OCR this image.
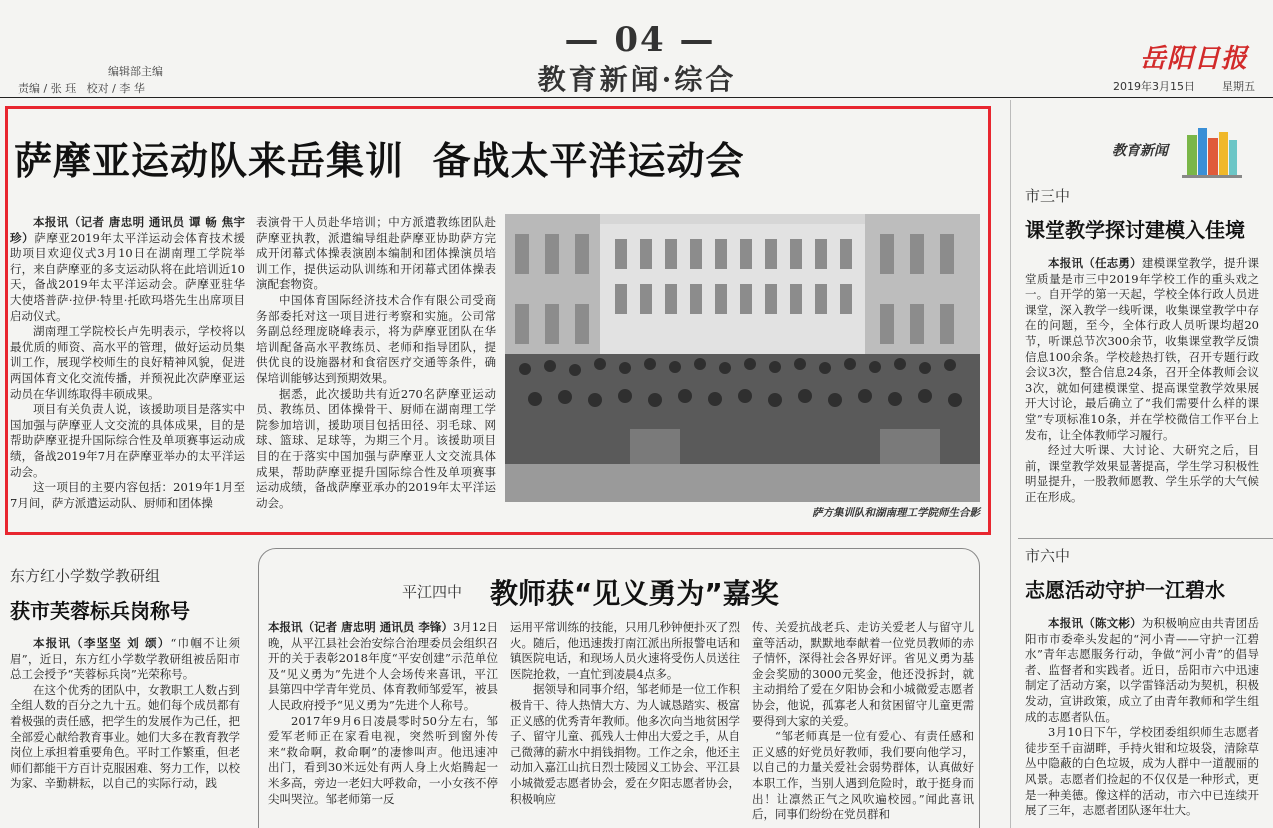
编辑部主编
责编 / 张 珏   校对 / 李 华
— 04 —
教育新闻·综合
岳阳日报
2019年3月15日 星期五
萨摩亚运动队来岳集训  备战太平洋运动会

本报讯（记者 唐忠明 通讯员 谭 畅 焦宇珍）萨摩亚2019年太平洋运动会体育技术援助项目欢迎仪式3月10日在湖南理工学院举行，来自萨摩亚的多支运动队将在此培训近10天，备战2019年太平洋运动会。萨摩亚驻华大使塔普萨·拉伊·特里·托欧玛塔先生出席项目启动仪式。

湖南理工学院校长卢先明表示，学校将以最优质的师资、高水平的管理，做好运动员集训工作，展现学校师生的良好精神风貌，促进两国体育文化交流传播，并预祝此次萨摩亚运动员在华训练取得丰硕成果。

项目有关负责人说，该援助项目是落实中国加强与萨摩亚人文交流的具体成果，目的是帮助萨摩亚提升国际综合性及单项赛事运动成绩，备战2019年7月在萨摩亚举办的太平洋运动会。

这一项目的主要内容包括：2019年1月至7月间，萨方派遣运动队、厨师和团体操

表演骨干人员赴华培训；中方派遣教练团队赴萨摩亚执教，派遣编导组赴萨摩亚协助萨方完成开闭幕式体操表演剧本编制和团体操演员培训工作，提供运动队训练和开闭幕式团体操表演配套物资。

中国体育国际经济技术合作有限公司受商务部委托对这一项目进行考察和实施。公司常务副总经理庞晓峰表示，将为萨摩亚团队在华培训配备高水平教练员、老师和指导团队，提供优良的设施器材和食宿医疗交通等条件，确保培训能够达到预期效果。

据悉，此次援助共有近270名萨摩亚运动员、教练员、团体操骨干、厨师在湖南理工学院参加培训，援助项目包括田径、羽毛球、网球、篮球、足球等，为期三个月。该援助项目目的在于落实中国加强与萨摩亚人文交流具体成果，帮助萨摩亚提升国际综合性及单项赛事运动成绩，备战萨摩亚承办的2019年太平洋运动会。

萨方集训队和湖南理工学院师生合影
教育新闻
市三中
课堂教学探讨建模入佳境

本报讯（任志勇）建模课堂教学，提升课堂质量是市三中2019年学校工作的重头戏之一。自开学的第一天起，学校全体行政人员进课堂，深入教学一线听课，收集课堂教学中存在的问题，至今，全体行政人员听课均超20节，听课总节次300余节，收集课堂教学反馈信息100余条。学校趁热打铁，召开专题行政会议3次，整合信息24条，召开全体教师会议3次，就如何建模课堂、提高课堂教学效果展开大讨论，最后确立了“我们需要什么样的课堂”专项标准10条，并在学校微信工作平台上发布，让全体教师学习履行。

经过大听课、大讨论、大研究之后，目前，课堂教学效果显著提高，学生学习积极性明显提升，一股教师愿教、学生乐学的大气候正在形成。

市六中
志愿活动守护一江碧水

本报讯（陈文彬）为积极响应由共青团岳阳市市委牵头发起的“河小青——守护一江碧水”青年志愿服务行动，争做“河小青”的倡导者、监督者和实践者。近日，岳阳市六中迅速制定了活动方案，以学雷锋活动为契机，积极发动，宣讲政策，成立了由青年教师和学生组成的志愿者队伍。

3月10日下午，学校团委组织师生志愿者徒步至千亩湖畔，手持火钳和垃圾袋，清除草丛中隐蔽的白色垃圾，成为人群中一道靓丽的风景。志愿者们捡起的不仅仅是一种形式，更是一种美德。像这样的活动，市六中已连续开展了三年，志愿者团队逐年壮大。

东方红小学数学教研组
获市芙蓉标兵岗称号

本报讯（李坚坚 刘 颂）“巾帼不让须眉”，近日，东方红小学数学教研组被岳阳市总工会授予“芙蓉标兵岗”光荣称号。

在这个优秀的团队中，女教职工人数占到全组人数的百分之九十五。她们每个成员都有着极强的责任感，把学生的发展作为己任，把全部爱心献给教育事业。她们大多在教育教学岗位上承担着重要角色。平时工作繁重，但老师们都能干方百计克服困难、努力工作，以校为家、辛勤耕耘，以自己的实际行动，践

平江四中 教师获“见义勇为”嘉奖

本报讯（记者 唐忠明 通讯员 李锋）3月12日晚，从平江县社会治安综合治理委员会组织召开的关于表彰2018年度“平安创建”示范单位及“见义勇为”先进个人会场传来喜讯，平江县第四中学青年党员、体育教师邹爱军，被县人民政府授予“见义勇为”先进个人称号。

2017年9月6日凌晨零时50分左右，邹爱军老师正在家看电视，突然听到窗外传来“救命啊，救命啊”的凄惨叫声。他迅速冲出门，看到30米远处有两人身上火焰腾起一米多高，旁边一老妇大呼救命，一小女孩不停尖叫哭泣。邹老师第一反

运用平常训练的技能，只用几秒钟便扑灭了烈火。随后，他迅速拨打南江派出所报警电话和镇医院电话，和现场人员火速将受伤人员送往医院抢救，一直忙到凌晨4点多。

据领导和同事介绍，邹老师是一位工作积极肯干、待人热情大方、为人诚恳踏实、极富正义感的优秀青年教师。他多次向当地贫困学子、留守儿童、孤残人士伸出大爱之手，从自己微薄的薪水中捐钱捐物。工作之余，他还主动加入嘉江山抗日烈士陵园义工协会、平江县小城微爱志愿者协会，爱在夕阳志愿者协会，积极响应

传、关爱抗战老兵、走访关爱老人与留守儿童等活动，默默地奉献着一位党员教师的赤子情怀，深得社会各界好评。省见义勇为基金会奖励的3000元奖金，他还没拆封，就主动捐给了爱在夕阳协会和小城微爱志愿者协会，他说，孤寡老人和贫困留守儿童更需要得到大家的关爱。

“邹老师真是一位有爱心、有责任感和正义感的好党员好教师，我们要向他学习，以自己的力量关爱社会弱势群体，认真做好本职工作，当别人遇到危险时，敢于挺身而出！让凛然正气之风吹遍校园。”闻此喜讯后，同事们纷纷在党员群和
